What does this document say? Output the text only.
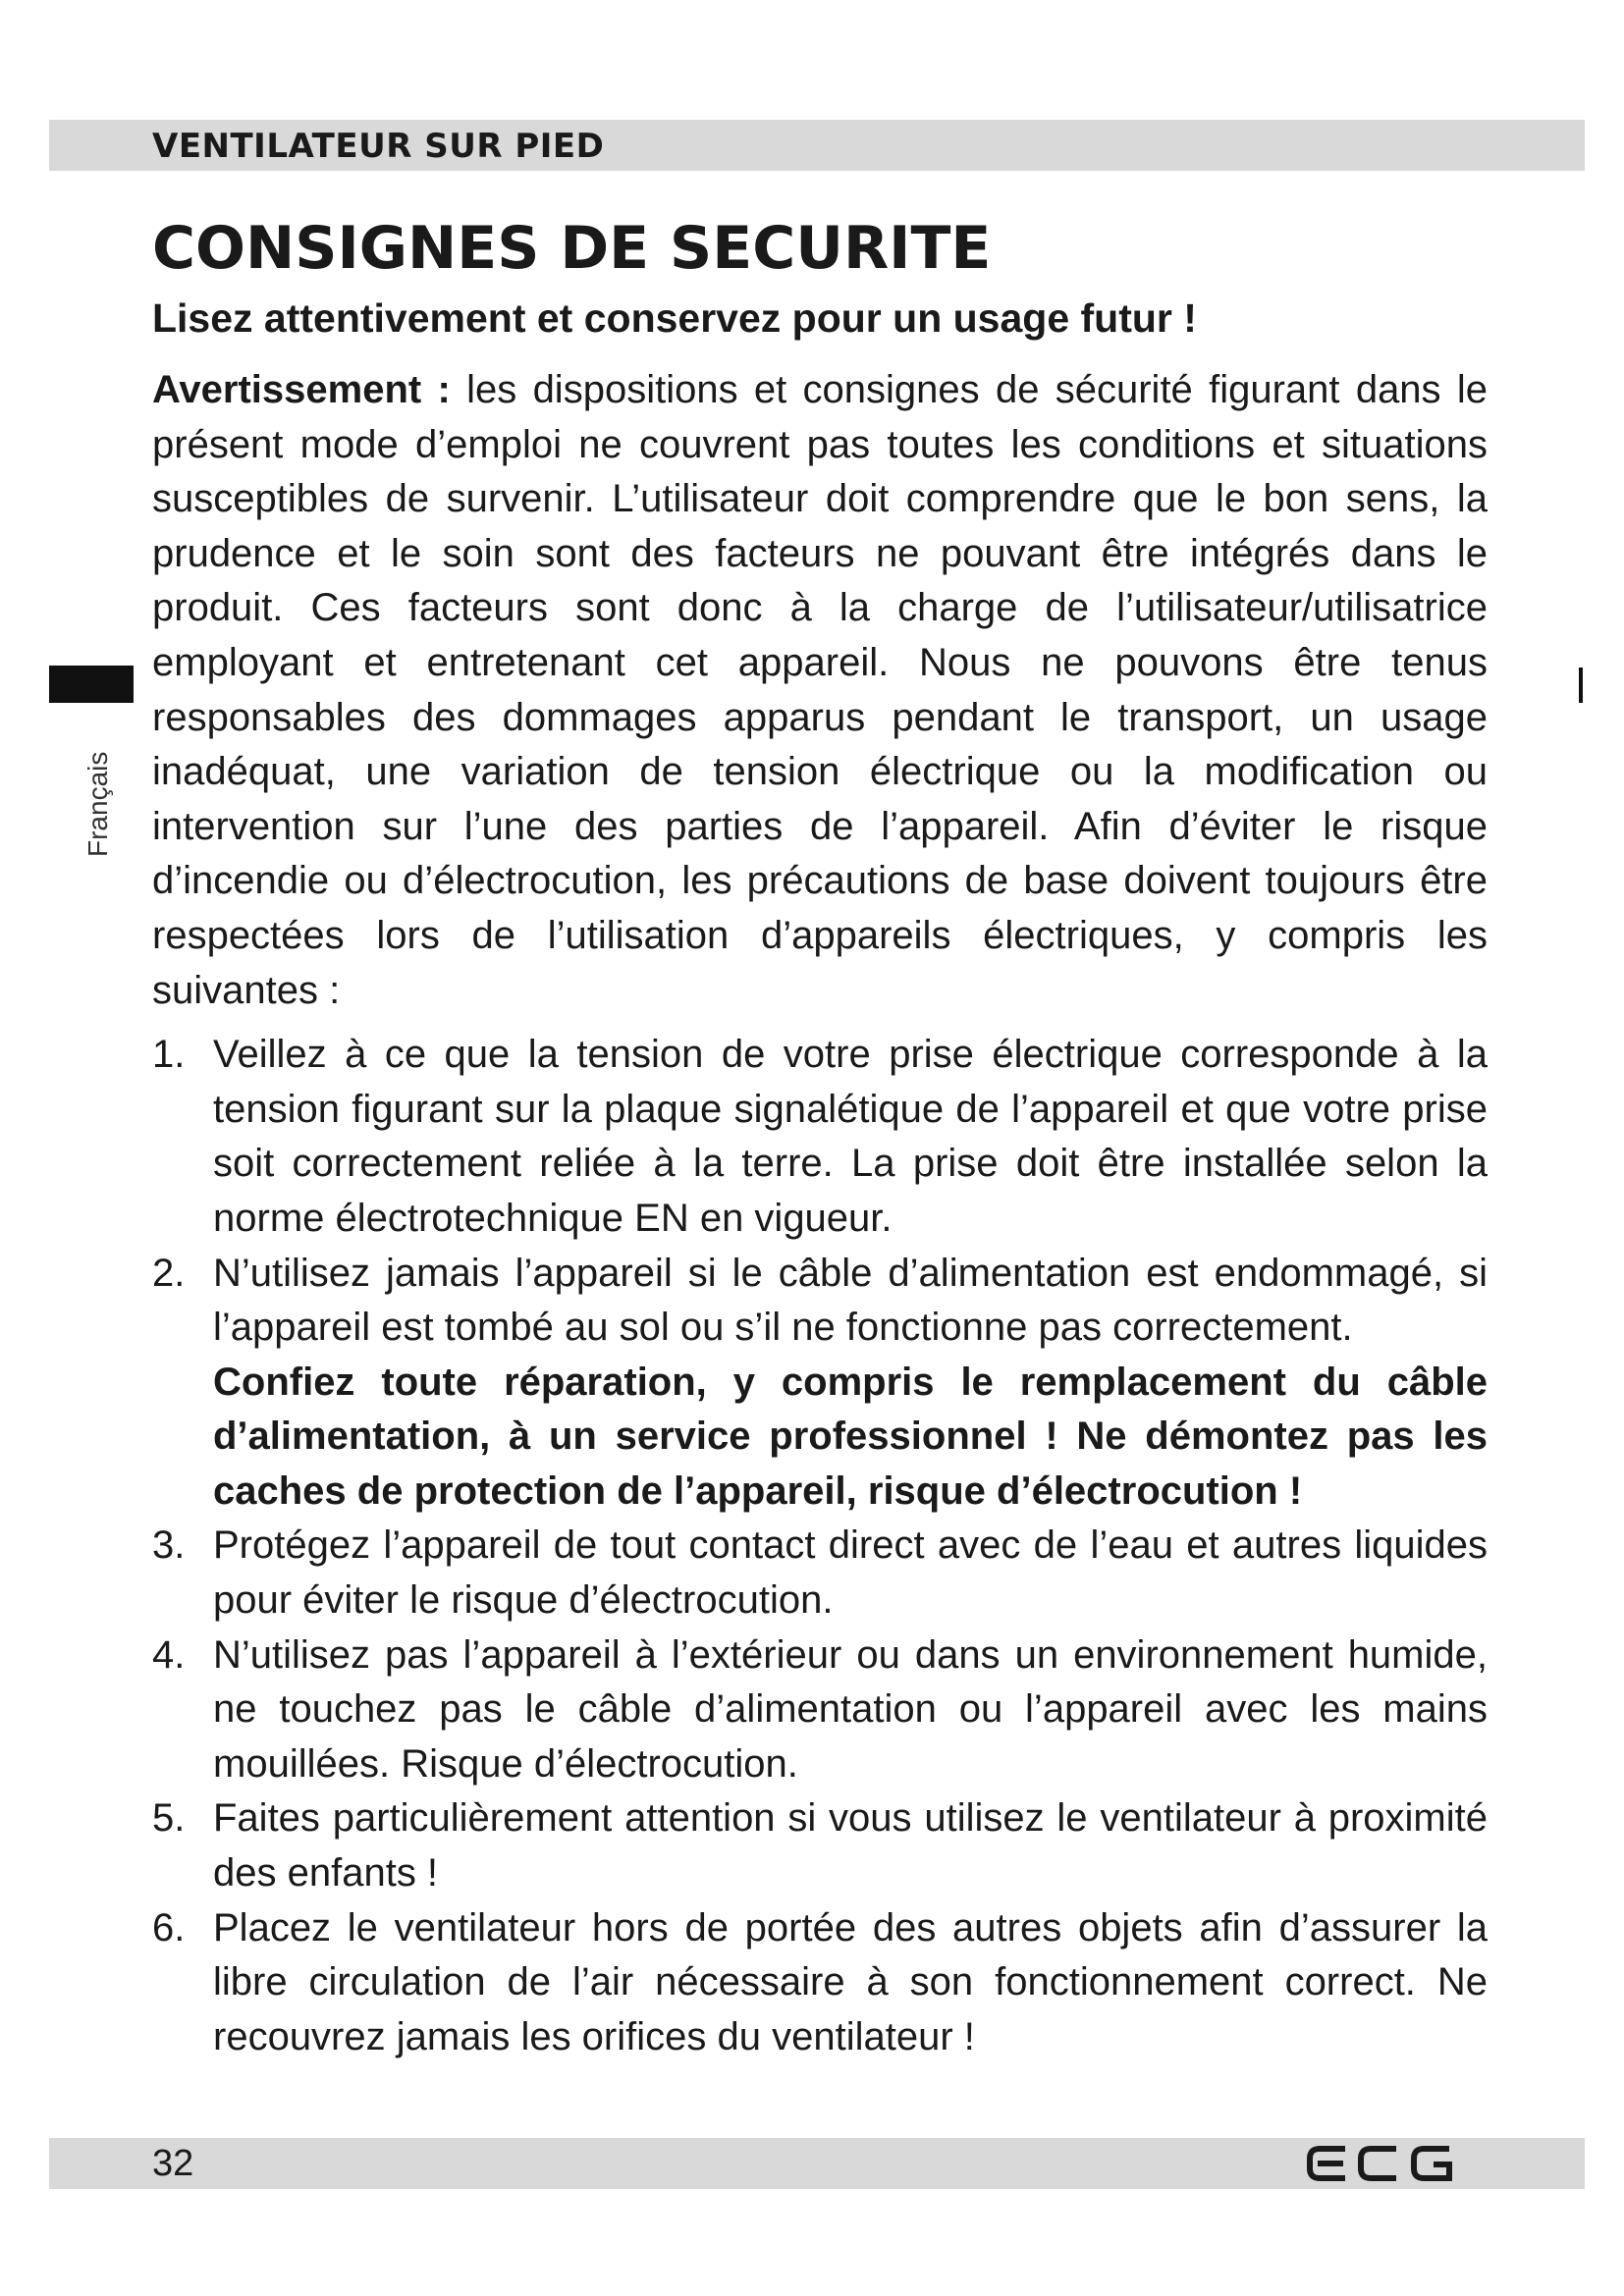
VENTILATEUR SUR PIED
Français
CONSIGNES DE SECURITE

Lisez attentivement et conservez pour un usage futur !

Avertissement : les dispositions et consignes de sécurité figurant dans le présent mode d’emploi ne couvrent pas toutes les conditions et situations susceptibles de survenir. L’utilisateur doit comprendre que le bon sens, la prudence et le soin sont des facteurs ne pouvant être intégrés dans le produit. Ces facteurs sont donc à la charge de l’utilisateur/utilisatrice employant et entretenant cet appareil. Nous ne pouvons être tenus responsables des dommages apparus pendant le transport, un usage inadéquat, une variation de tension électrique ou la modification ou intervention sur l’une des parties de l’appareil. Afin d’éviter le risque d’incendie ou d’électrocution, les précautions de base doivent toujours être respectées lors de l’utilisation d’appareils électriques, y compris les suivantes :

1. Veillez à ce que la tension de votre prise électrique corresponde à la tension figurant sur la plaque signalétique de l’appareil et que votre prise soit correctement reliée à la terre. La prise doit être installée selon la norme électrotechnique EN en vigueur.
2. N’utilisez jamais l’appareil si le câble d’alimentation est endommagé, si l’appareil est tombé au sol ou s’il ne fonctionne pas correctement.
Confiez toute réparation, y compris le remplacement du câble d’alimentation, à un service professionnel ! Ne démontez pas les caches de protection de l’appareil, risque d’électrocution !
3. Protégez l’appareil de tout contact direct avec de l’eau et autres liquides pour éviter le risque d’électrocution.
4. N’utilisez pas l’appareil à l’extérieur ou dans un environnement humide, ne touchez pas le câble d’alimentation ou l’appareil avec les mains mouillées. Risque d’électrocution.
5. Faites particulièrement attention si vous utilisez le ventilateur à proximité des enfants !
6. Placez le ventilateur hors de portée des autres objets afin d’assurer la libre circulation de l’air nécessaire à son fonctionnement correct. Ne recouvrez jamais les orifices du ventilateur !
32
